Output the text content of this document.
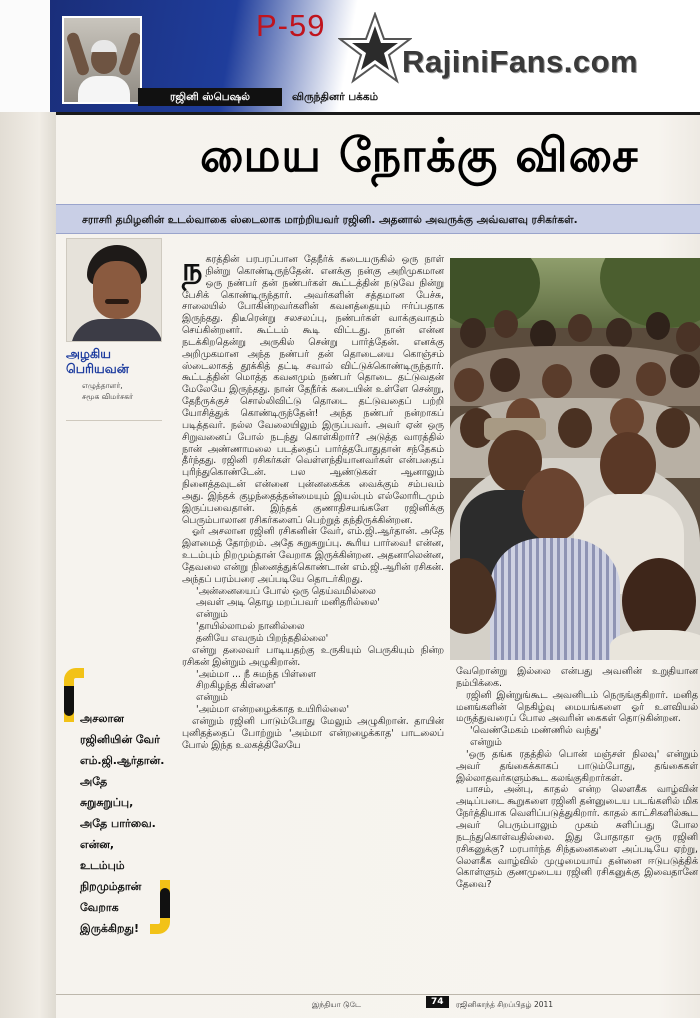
ரஜினி ஸ்பெஷல்	விருந்தினர் பக்கம்
P-59
RajiniFans.com
மைய நோக்கு விசை
சராசரி தமிழனின் உடல்வாகை ஸ்டைலாக மாற்றியவர் ரஜினி. அதனால் அவருக்கு அவ்வளவு ரசிகர்கள்.
அழகிய
பெரியவன்
எழுத்தாளர்,
சமூக விமர்சகர்
ந கரத்தின் பரபரப்பான தேநீர்க் கடையருகில் ஒரு நாள் நின்று கொண்டிருந்தேன். எனக்கு நன்கு அறிமுகமான ஒரு நண்பர் தன் நண்பர்கள் கூட்டத்தின் நடுவே நின்று பேசிக் கொண்டிருந்தார். அவர்களின் சத்தமான பேச்சு, சாலையில் போகின்றவர்களின் கவனத்தையும் ஈர்ப்பதாக இருந்தது. திடீரென்று சலசலப்பு, நண்பர்கள் வாக்குவாதம் செய்கின்றனர். கூட்டம் கூடி விட்டது. நான் என்ன நடக்கிறதென்று அருகில் சென்று பார்த்தேன். எனக்கு அறிமுகமான அந்த நண்பர் தன் தொடையை கொஞ்சம் ஸ்டைலாகத் தூக்கித் தட்டி சவால் விட்டுக்கொண்டிருந்தார். கூட்டத்தின் மொத்த கவனமும் நண்பர் தொடை தட்டுவதன் மேலேயே இருந்தது. நான் தேநீர்க் கடையின் உள்ளே சென்று, தேநீருக்குச் சொல்லிவிட்டு தொடை தட்டுவதைப் பற்றி யோசித்துக் கொண்டிருந்தேன்! அந்த நண்பர் நன்றாகப் படித்தவர். நல்ல வேலையிலும் இருப்பவர். அவர் ஏன் ஒரு சிறுவனைப் போல் நடந்து கொள்கிறார்? அடுத்த வாரத்தில் நான் அண்ணாமலை படத்தைப் பார்த்தபோதுதான் சந்தேகம் தீர்ந்தது. ரஜினி ரசிகர்கள் வெள்ளந்தியானவர்கள் என்பதைப் புரிந்துகொண்டேன். பல ஆண்டுகள் ஆனாலும் நினைத்தவுடன் என்னை புன்னகைக்க வைக்கும் சம்பவம் அது. இந்தக் குழந்தைத்தன்மையும் இயல்பும் எல்லோரிடமும் இருப்பவைதான். இந்தக் குணாதிசயங்களே ரஜினிக்கு பெரும்பாலான ரசிகர்களைப் பெற்றுத் தந்திருக்கின்றன.

ஓர் அசலான ரஜினி ரசிகனின் வேர், எம்.ஜி.ஆர்தான். அதே இளமைத் தோற்றம். அதே சுறுசுறுப்பு. கூரிய பார்வை! என்ன, உடம்பும் நிறமும்தான் வேறாக இருக்கின்றன. அதனாலென்ன, தேவலை என்று நினைத்துக்கொண்டான் எம்.ஜி.ஆரின் ரசிகன். அந்தப் பரம்பரை அப்படியே தொடர்கிறது.

'அன்னையைப் போல் ஒரு தெய்வமில்லை

அவள் அடி தொழ மறப்பவர் மனிதரில்லை'

என்றும்

'தாயில்லாமல் நானில்லை

தனியே எவரும் பிறந்ததில்லை'

என்று தலைவர் பாடியதற்கு உருகியும் பெருகியும் நின்ற ரசிகன் இன்றும் அழுகிறான்.

'அம்மா ... நீ சுமந்த பிள்ளை

சிறகிழந்த கிள்ளை'

என்றும்

'அம்மா என்றழைக்காத உயிரில்லை'

என்றும் ரஜினி பாடும்போது மேலும் அழுகிறான். தாயின் புனிதத்தைப் போற்றும் 'அம்மா என்றழைக்காத' பாடலைப் போல் இந்த உலகத்திலேயே

வேறொன்று இல்லை என்பது அவனின் உறுதியான நம்பிக்கை.

ரஜினி இன்றுங்கூட அவனிடம் நெருங்குகிறார். மனித மனங்களின் நெகிழ்வு மையங்களை ஓர் உளவியல் மருத்துவரைப் போல அவரின் கைகள் தொடுகின்றன.

'வெண்மேகம் மண்ணில் வந்து'

என்றும்

'ஒரு தங்க ரதத்தில் பொன் மஞ்சள் நிலவு' என்றும் அவர் தங்கைக்காகப் பாடும்போது, தங்கைகள் இல்லாதவர்களும்கூட கலங்குகிறார்கள்.

பாசம், அன்பு, காதல் என்ற லௌகீக வாழ்வின் அடிப்படை கூறுகளை ரஜினி தன்னுடைய படங்களில் மிக நேர்த்தியாக வெளிப்படுத்துகிறார். காதல் காட்சிகளில்கூட அவர் பெரும்பாலும் முகம் சுளிப்பது போல நடந்துகொள்வதில்லை. இது போதாதா ஒரு ரஜினி ரசிகனுக்கு? மரபார்ந்த சிந்தனைகளை அப்படியே ஏற்று, லௌகீக வாழ்வில் முழுமையாய் தன்னை ஈடுபடுத்திக் கொள்ளும் குணமுடைய ரஜினி ரசிகனுக்கு இவைதானே தேவை?

அசலான
ரஜினியின் வேர்
எம்.ஜி.ஆர்தான்.
அதே சுறுசுறுப்பு,
அதே பார்வை.
என்ன, உடம்பும்
நிறமும்தான்
வேறாக
இருக்கிறது!
இந்தியா டுடே	74	ரஜினிகாந்த் சிறப்பிதழ் 2011
